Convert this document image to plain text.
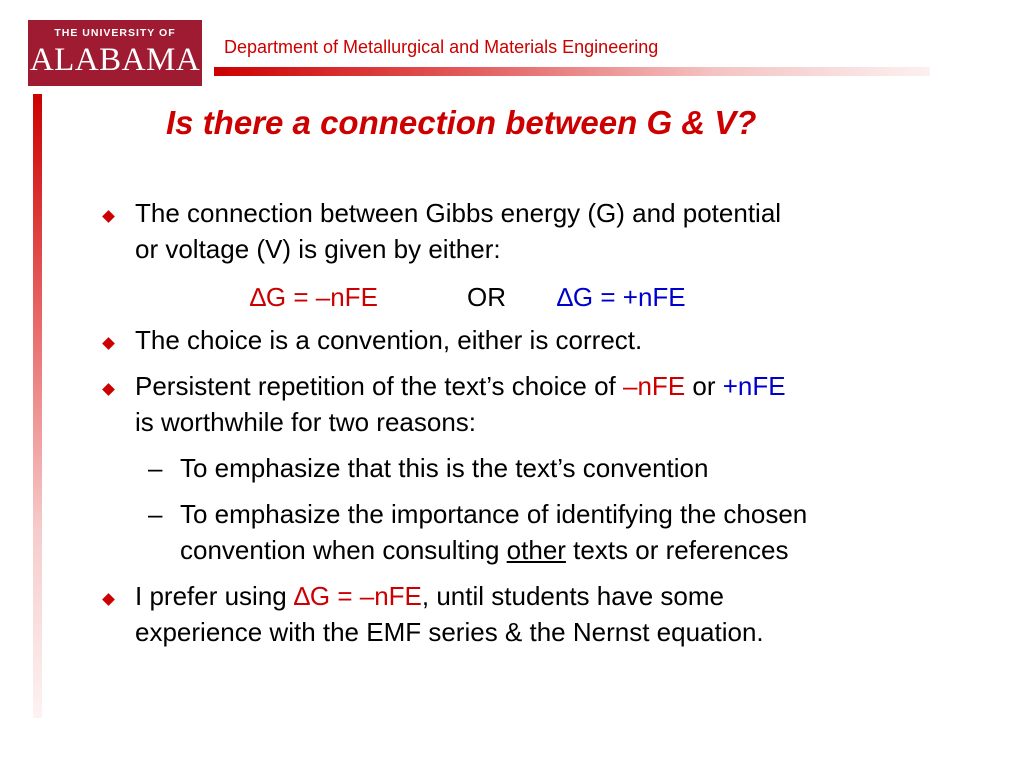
THE UNIVERSITY OF
ALABAMA Department of Metallurgical and Materials Engineering
Is there a connection between G & V?
The connection between Gibbs energy (G) and potential
or voltage (V) is given by either:
∆G = –nFE	OR ∆G = +nFE
The choice is a convention, either is correct.
Persistent repetition of the text’s choice of –nFE or +nFE
is worthwhile for two reasons:
– To emphasize that this is the text’s convention
– To emphasize the importance of identifying the chosen
convention when consulting other texts or references
I prefer using ∆G = –nFE, until students have some
experience with the EMF series & the Nernst equation.
